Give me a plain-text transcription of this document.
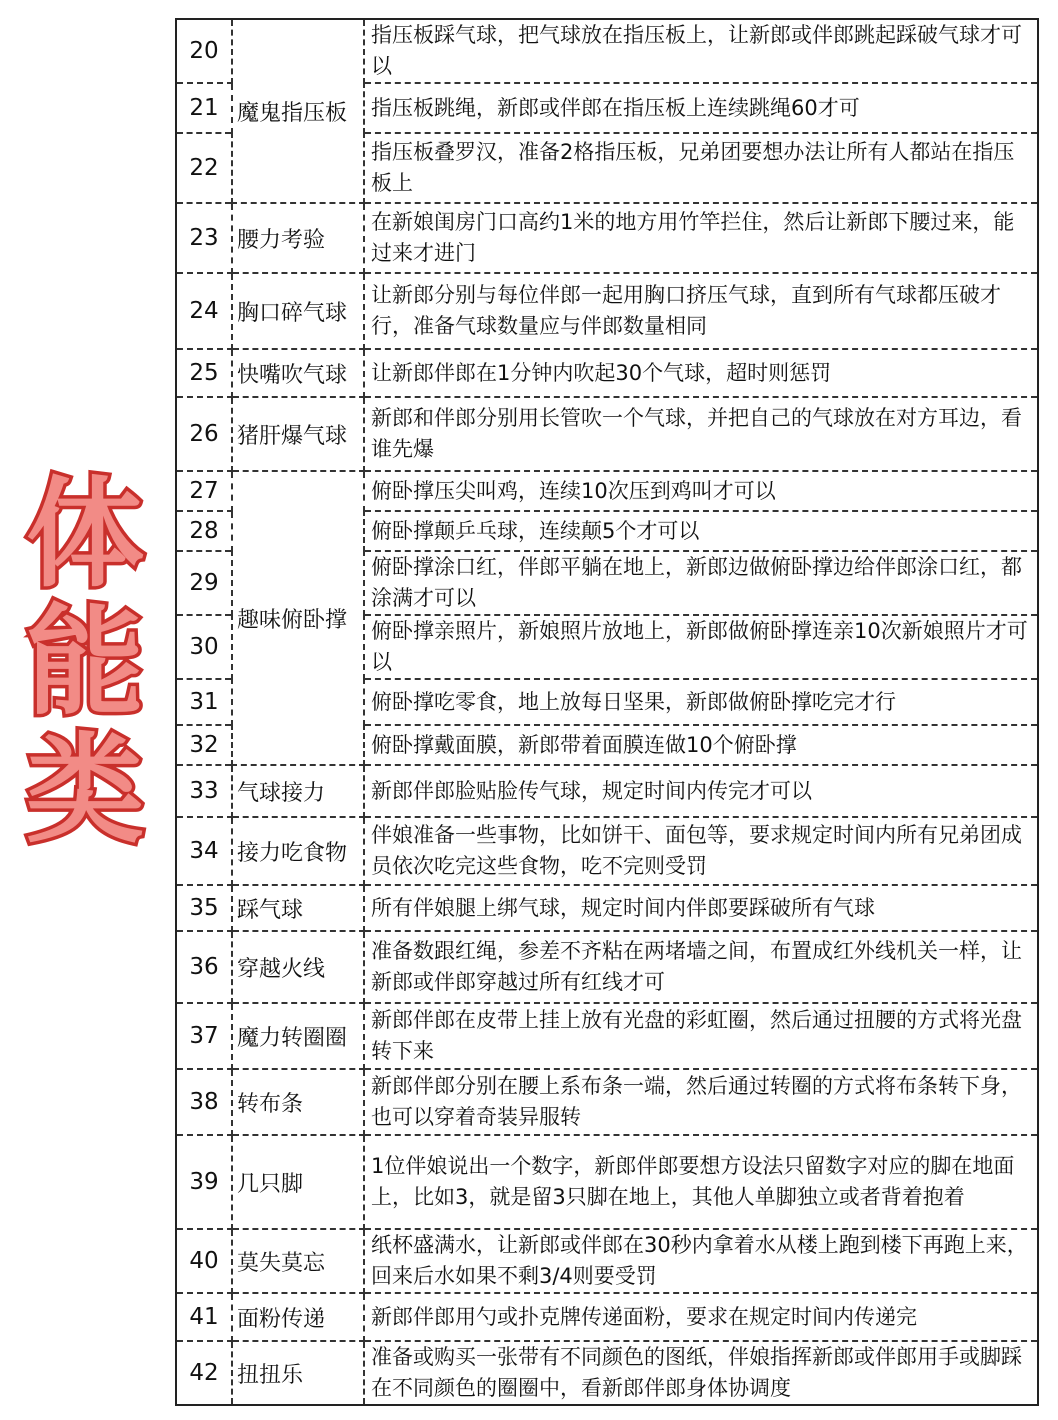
体
能
类
20	魔鬼指压板	指压板踩气球，把气球放在指压板上，让新郎或伴郎跳起踩破气球才可以
21		指压板跳绳，新郎或伴郎在指压板上连续跳绳60才可
22		指压板叠罗汉，准备2格指压板，兄弟团要想办法让所有人都站在指压板上
23	腰力考验	在新娘闺房门口高约1米的地方用竹竿拦住，然后让新郎下腰过来，能过来才进门
24	胸口碎气球	让新郎分别与每位伴郎一起用胸口挤压气球，直到所有气球都压破才行，准备气球数量应与伴郎数量相同
25	快嘴吹气球	让新郎伴郎在1分钟内吹起30个气球，超时则惩罚
26	猪肝爆气球	新郎和伴郎分别用长管吹一个气球，并把自己的气球放在对方耳边，看谁先爆
27	趣味俯卧撑	俯卧撑压尖叫鸡，连续10次压到鸡叫才可以
28		俯卧撑颠乒乓球，连续颠5个才可以
29		俯卧撑涂口红，伴郎平躺在地上，新郎边做俯卧撑边给伴郎涂口红，都涂满才可以
30		俯卧撑亲照片，新娘照片放地上，新郎做俯卧撑连亲10次新娘照片才可以
31		俯卧撑吃零食，地上放每日坚果，新郎做俯卧撑吃完才行
32		俯卧撑戴面膜，新郎带着面膜连做10个俯卧撑
33	气球接力	新郎伴郎脸贴脸传气球，规定时间内传完才可以
34	接力吃食物	伴娘准备一些事物，比如饼干、面包等，要求规定时间内所有兄弟团成员依次吃完这些食物，吃不完则受罚
35	踩气球	所有伴娘腿上绑气球，规定时间内伴郎要踩破所有气球
36	穿越火线	准备数跟红绳，参差不齐粘在两堵墙之间，布置成红外线机关一样，让新郎或伴郎穿越过所有红线才可
37	魔力转圈圈	新郎伴郎在皮带上挂上放有光盘的彩虹圈，然后通过扭腰的方式将光盘转下来
38	转布条	新郎伴郎分别在腰上系布条一端，然后通过转圈的方式将布条转下身，也可以穿着奇装异服转
39	几只脚	1位伴娘说出一个数字，新郎伴郎要想方设法只留数字对应的脚在地面上，比如3，就是留3只脚在地上，其他人单脚独立或者背着抱着
40	莫失莫忘	纸杯盛满水，让新郎或伴郎在30秒内拿着水从楼上跑到楼下再跑上来，回来后水如果不剩3/4则要受罚
41	面粉传递	新郎伴郎用勺或扑克牌传递面粉，要求在规定时间内传递完
42	扭扭乐	准备或购买一张带有不同颜色的图纸，伴娘指挥新郎或伴郎用手或脚踩在不同颜色的圈圈中，看新郎伴郎身体协调度
